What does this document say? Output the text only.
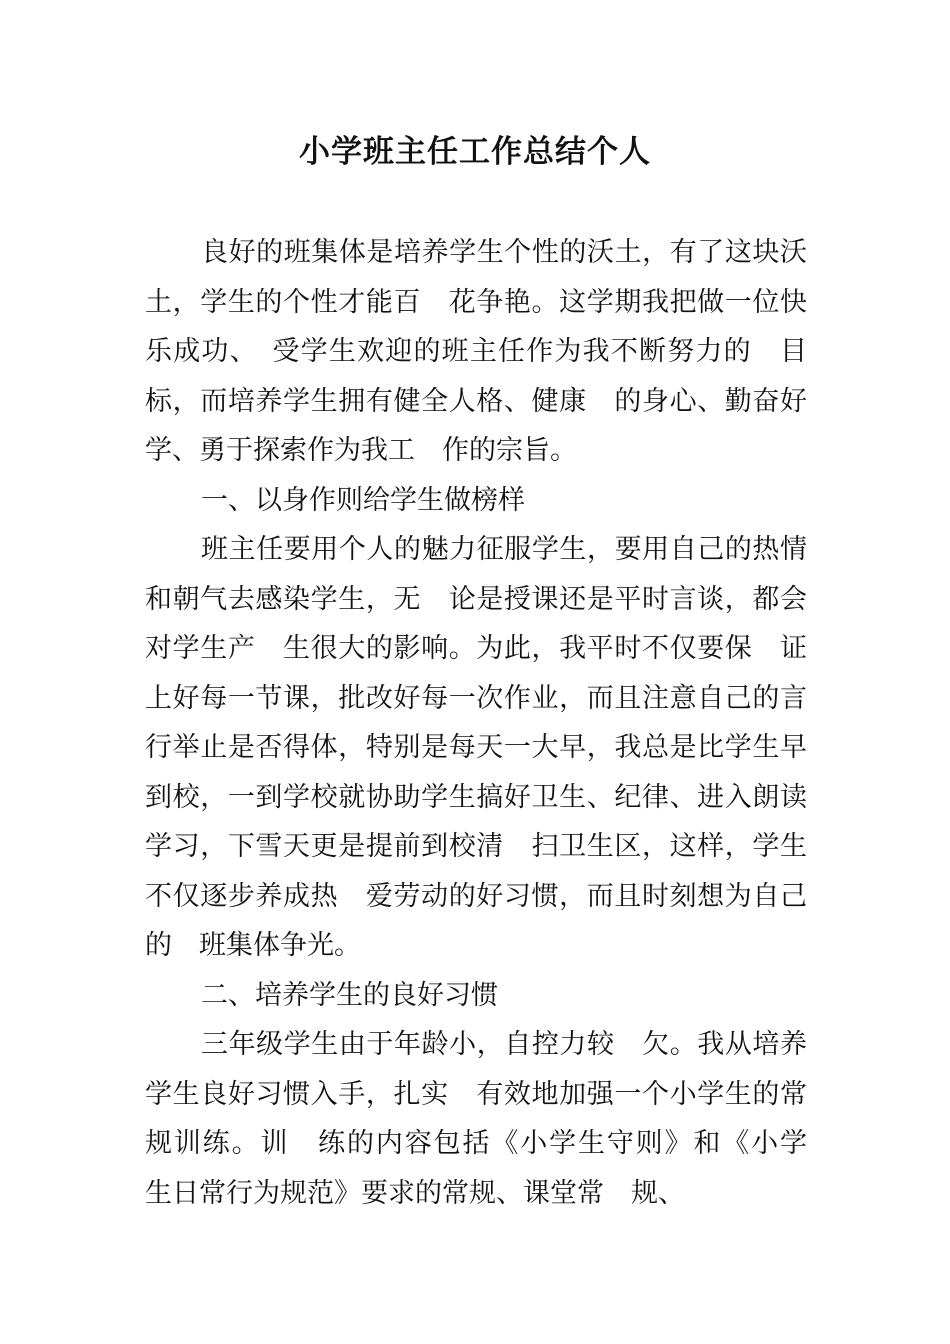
小学班主任工作总结个人

良好的班集体是培养学生个性的沃土，有了这块沃土，学生的个性才能百　花争艳。这学期我把做一位快乐成功、　受学生欢迎的班主任作为我不断努力的　目标，而培养学生拥有健全人格、健康　的身心、勤奋好学、勇于探索作为我工　作的宗旨。

一、以身作则给学生做榜样

班主任要用个人的魅力征服学生，要用自己的热情和朝气去感染学生，无　论是授课还是平时言谈，都会对学生产　生很大的影响。为此，我平时不仅要保　证上好每一节课，批改好每一次作业，而且注意自己的言行举止是否得体，特别是每天一大早，我总是比学生早到校，一到学校就协助学生搞好卫生、纪律、进入朗读学习，下雪天更是提前到校清　扫卫生区，这样，学生不仅逐步养成热　爱劳动的好习惯，而且时刻想为自己的　班集体争光。

二、培养学生的良好习惯

三年级学生由于年龄小，自控力较　欠。我从培养学生良好习惯入手，扎实　有效地加强一个小学生的常规训练。训　练的内容包括《小学生守则》和《小学　生日常行为规范》要求的常规、课堂常　规、
